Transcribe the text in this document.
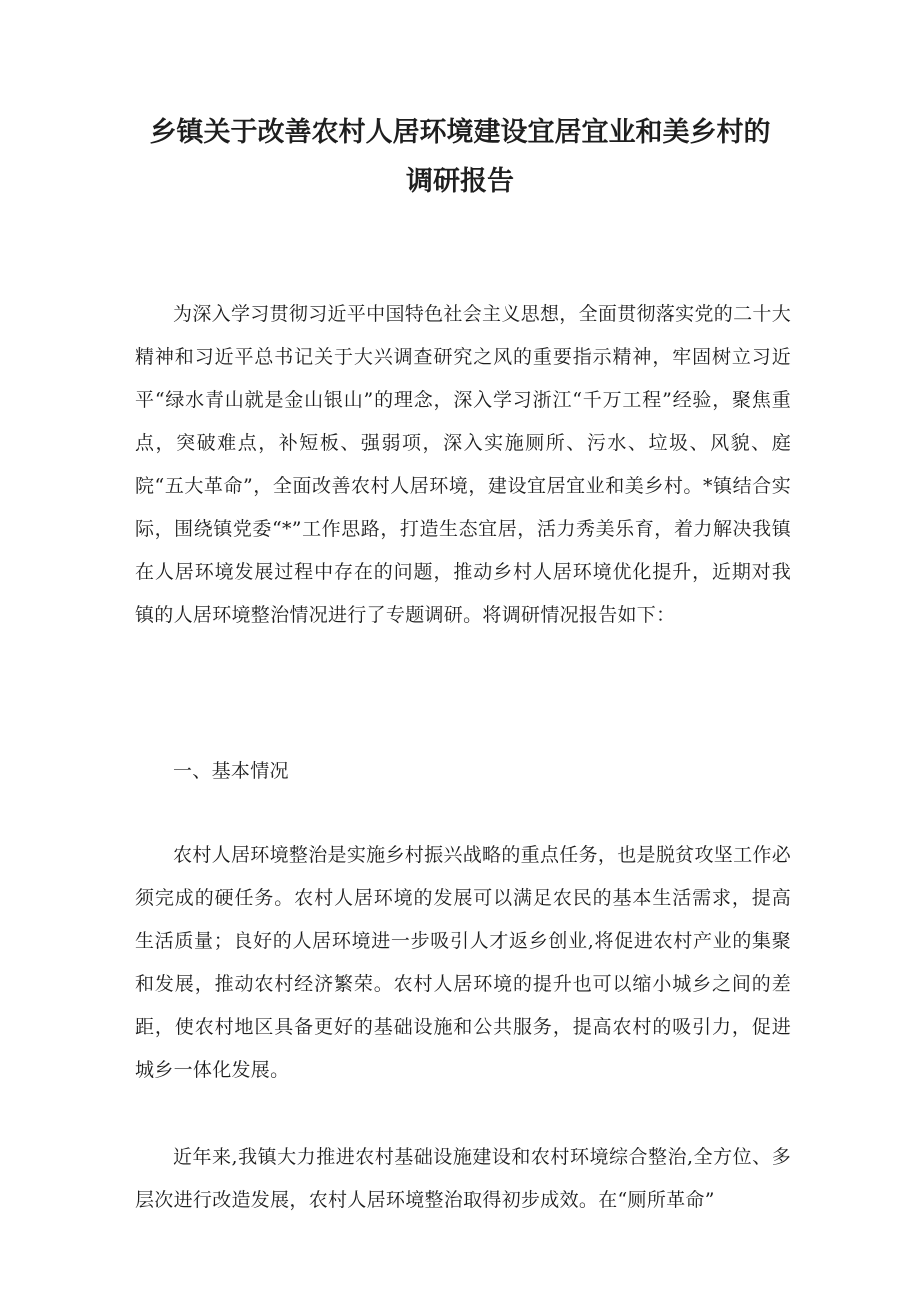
乡镇关于改善农村人居环境建设宜居宜业和美乡村的
调研报告

为深入学习贯彻习近平中国特色社会主义思想，全面贯彻落实党的二十大精神和习近平总书记关于大兴调查研究之风的重要指示精神，牢固树立习近平“绿水青山就是金山银山”的理念，深入学习浙江“千万工程”经验，聚焦重点，突破难点，补短板、强弱项，深入实施厕所、污水、垃圾、风貌、庭院“五大革命”，全面改善农村人居环境，建设宜居宜业和美乡村。*镇结合实际，围绕镇党委“*”工作思路，打造生态宜居，活力秀美乐育，着力解决我镇在人居环境发展过程中存在的问题，推动乡村人居环境优化提升，近期对我镇的人居环境整治情况进行了专题调研。将调研情况报告如下：

一、基本情况

农村人居环境整治是实施乡村振兴战略的重点任务，也是脱贫攻坚工作必须完成的硬任务。农村人居环境的发展可以满足农民的基本生活需求，提高生活质量；良好的人居环境进一步吸引人才返乡创业,将促进农村产业的集聚和发展，推动农村经济繁荣。农村人居环境的提升也可以缩小城乡之间的差距，使农村地区具备更好的基础设施和公共服务，提高农村的吸引力，促进城乡一体化发展。

近年来,我镇大力推进农村基础设施建设和农村环境综合整治,全方位、多层次进行改造发展，农村人居环境整治取得初步成效。在“厕所革命”
